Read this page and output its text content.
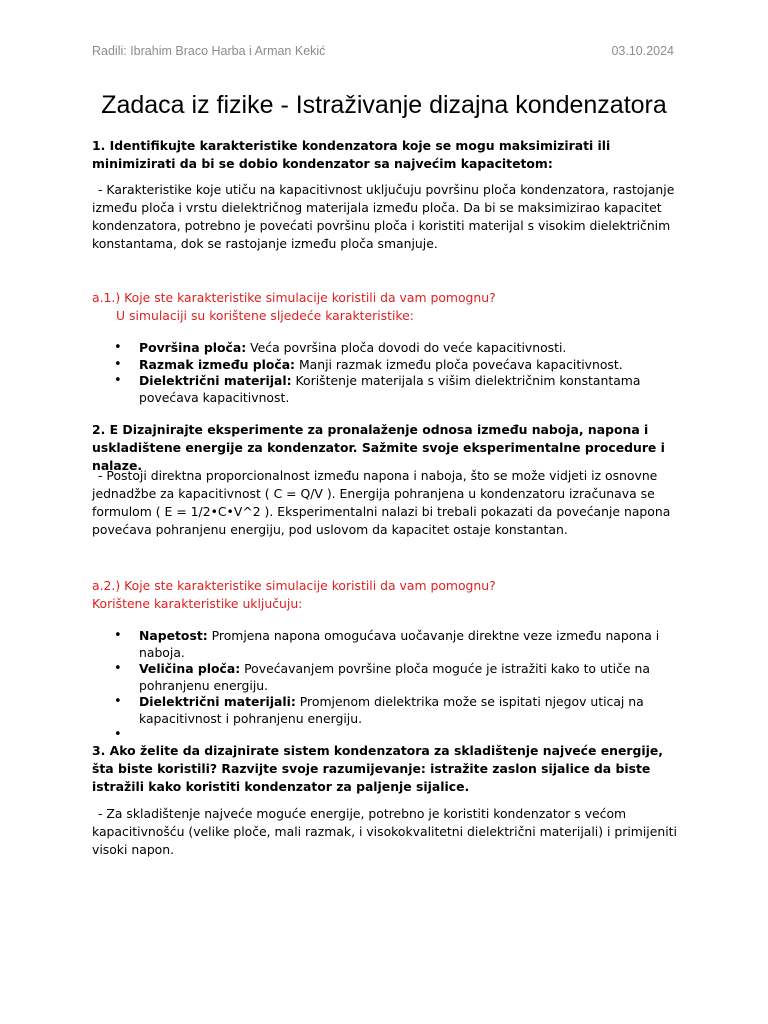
Radili: Ibrahim Braco Harba i Arman Kekić	03.10.2024
Zadaca iz fizike - Istraživanje dizajna kondenzatora
1. Identifikujte karakteristike kondenzatora koje se mogu maksimizirati ili minimizirati da bi se dobio kondenzator sa najvećim kapacitetom:
- Karakteristike koje utiču na kapacitivnost uključuju površinu ploča kondenzatora, rastojanje između ploča i vrstu dielektričnog materijala između ploča. Da bi se maksimizirao kapacitet kondenzatora, potrebno je povećati površinu ploča i koristiti materijal s visokim dielektričnim konstantama, dok se rastojanje između ploča smanjuje.
a.1.) Koje ste karakteristike simulacije koristili da vam pomognu?
U simulaciji su korištene sljedeće karakteristike:
• Površina ploča: Veća površina ploča dovodi do veće kapacitivnosti.
• Razmak između ploča: Manji razmak između ploča povećava kapacitivnost.
• Dielektrični materijal: Korištenje materijala s višim dielektričnim konstantama povećava kapacitivnost.
2. E Dizajnirajte eksperimente za pronalaženje odnosa između naboja, napona i uskladištene energije za kondenzator. Sažmite svoje eksperimentalne procedure i nalaze.
- Postoji direktna proporcionalnost između napona i naboja, što se može vidjeti iz osnovne jednadžbe za kapacitivnost ( C = Q/V ). Energija pohranjena u kondenzatoru izračunava se formulom ( E = 1/2•C•V^2 ). Eksperimentalni nalazi bi trebali pokazati da povećanje napona povećava pohranjenu energiju, pod uslovom da kapacitet ostaje konstantan.
a.2.) Koje ste karakteristike simulacije koristili da vam pomognu?
Korištene karakteristike uključuju:
• Napetost: Promjena napona omogućava uočavanje direktne veze između napona i naboja.
• Veličina ploča: Povećavanjem površine ploča moguće je istražiti kako to utiče na pohranjenu energiju.
• Dielektrični materijali: Promjenom dielektrika može se ispitati njegov uticaj na kapacitivnost i pohranjenu energiju.
•
3. Ako želite da dizajnirate sistem kondenzatora za skladištenje najveće energije, šta biste koristili? Razvijte svoje razumijevanje: istražite zaslon sijalice da biste istražili kako koristiti kondenzator za paljenje sijalice.
- Za skladištenje najveće moguće energije, potrebno je koristiti kondenzator s većom kapacitivnošću (velike ploče, mali razmak, i visokokvalitetni dielektrični materijali) i primijeniti visoki napon.
